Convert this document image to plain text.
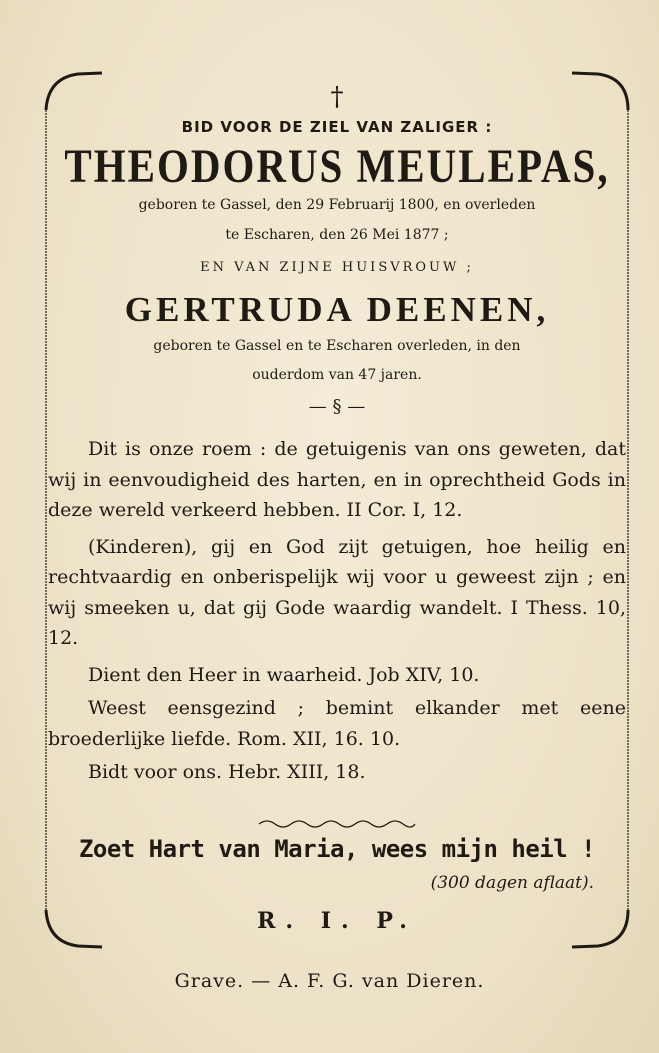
†
BID VOOR DE ZIEL VAN ZALIGER :
THEODORUS MEULEPAS,
geboren te Gassel, den 29 Februarij 1800, en overleden
te Escharen, den 26 Mei 1877 ;
EN VAN ZIJNE HUISVROUW ;
GERTRUDA DEENEN,
geboren te Gassel en te Escharen overleden, in den
ouderdom van 47 jaren.
— § —

Dit is onze roem : de getuigenis van ons geweten, dat wij in eenvoudigheid des harten, en in oprechtheid Gods in deze wereld verkeerd hebben. II Cor. I, 12.

(Kinderen), gij en God zijt getuigen, hoe heilig en rechtvaardig en onberispelijk wij voor u geweest zijn ; en wij smeeken u, dat gij Gode waardig wandelt. I Thess. 10, 12.

Dient den Heer in waarheid. Job XIV, 10.

Weest eensgezind ; bemint elkander met eene broederlijke liefde. Rom. XII, 16. 10.

Bidt voor ons. Hebr. XIII, 18.

Zoet Hart van Maria, wees mijn heil !
(300 dagen aflaat).
R. I. P.
Grave. — A. F. G. van Dieren.
